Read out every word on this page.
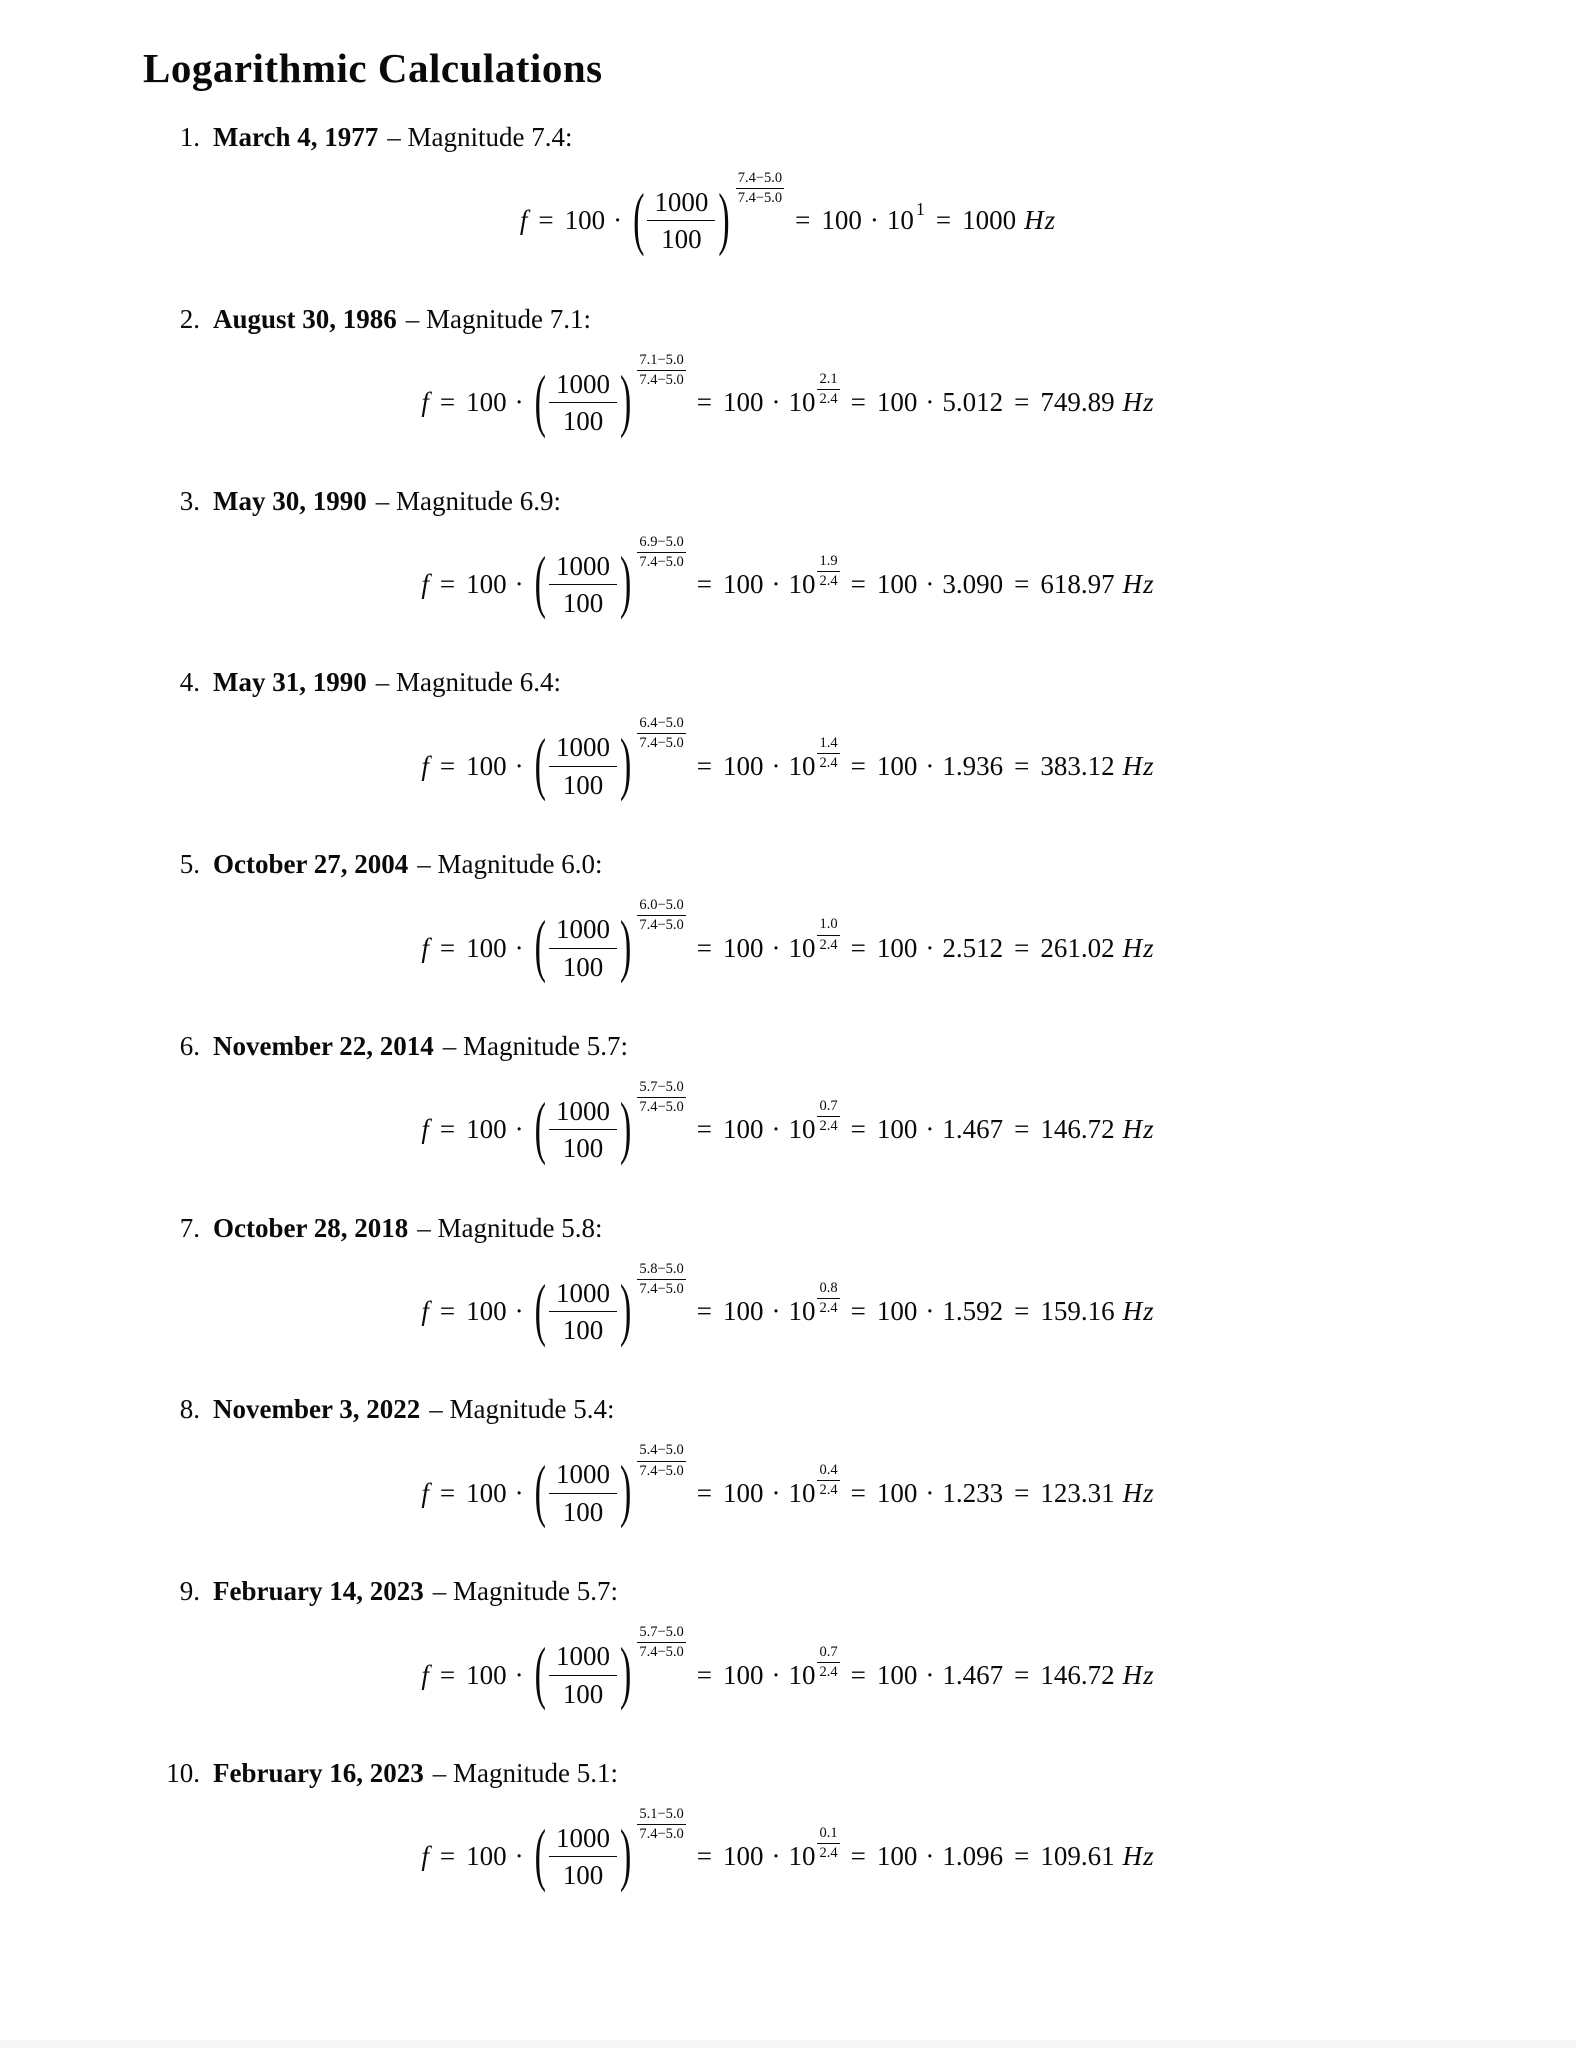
Logarithmic Calculations
1. March 4, 1977 – Magnitude 7.4:
f = 100 · ( $\frac{1000}{100}$ ) $\frac{7.4-5.0}{7.4-5.0}$
= 100 · 10 1 = 1000 Hz
2. August 30, 1986 – Magnitude 7.1:
f = 100 · ( $\frac{1000}{100}$ ) $\frac{7.1-5.0}{7.4-5.0}$
= $100 \cdot 10 \frac{2.1}{2.4} = 100 \cdot 5.012 = 749.89$ Hz
3. May 30, 1990 – Magnitude 6.9:
f = 100 · ( $\frac{1000}{100}$ ) $\frac{6.9-5.0}{7.4-5.0}$
= $100 \cdot 10 \frac{1.9}{2.4} = 100 \cdot 3.090 = 618.97$ Hz
4. May 31, 1990 – Magnitude 6.4:
f = 100 · ( $\frac{1000}{100}$ ) $\frac{6.4-5.0}{7.4-5.0}$
= $100 \cdot 10 \frac{1.4}{2.4} = 100 \cdot 1.936 = 383.12$ Hz
5. October 27, 2004 – Magnitude 6.0:
f = 100 · ( $\frac{1000}{100}$ ) $\frac{6.0-5.0}{7.4-5.0}$
= $100 \cdot 10 \frac{1.0}{2.4} = 100 \cdot 2.512 = 261.02$ Hz
6. November 22, 2014 – Magnitude 5.7:
f = 100 · ( $\frac{1000}{100}$ ) $\frac{5.7-5.0}{7.4-5.0}$
= $100 \cdot 10 \frac{0.7}{2.4} = 100 \cdot 1.467 = 146.72$ Hz
7. October 28, 2018 – Magnitude 5.8:
f = 100 · ( $\frac{1000}{100}$ ) $\frac{5.8-5.0}{7.4-5.0}$
= $100 \cdot 10 \frac{0.8}{2.4} = 100 \cdot 1.592 = 159.16$ Hz
8. November 3, 2022 – Magnitude 5.4:
f = 100 · ( $\frac{1000}{100}$ ) $\frac{5.4-5.0}{7.4-5.0}$
= $100 \cdot 10 \frac{0.4}{2.4} = 100 \cdot 1.233 = 123.31$ Hz
9. February 14, 2023 – Magnitude 5.7:
f = 100 · ( $\frac{1000}{100}$ ) $\frac{5.7-5.0}{7.4-5.0}$
= $100 \cdot 10 \frac{0.7}{2.4} = 100 \cdot 1.467 = 146.72$ Hz
10. February 16, 2023 – Magnitude 5.1:
f = 100 · ( $\frac{1000}{100}$ ) $\frac{5.1-5.0}{7.4-5.0}$
= $100 \cdot 10 \frac{0.1}{2.4} = 100 \cdot 1.096 = 109.61$ Hz
